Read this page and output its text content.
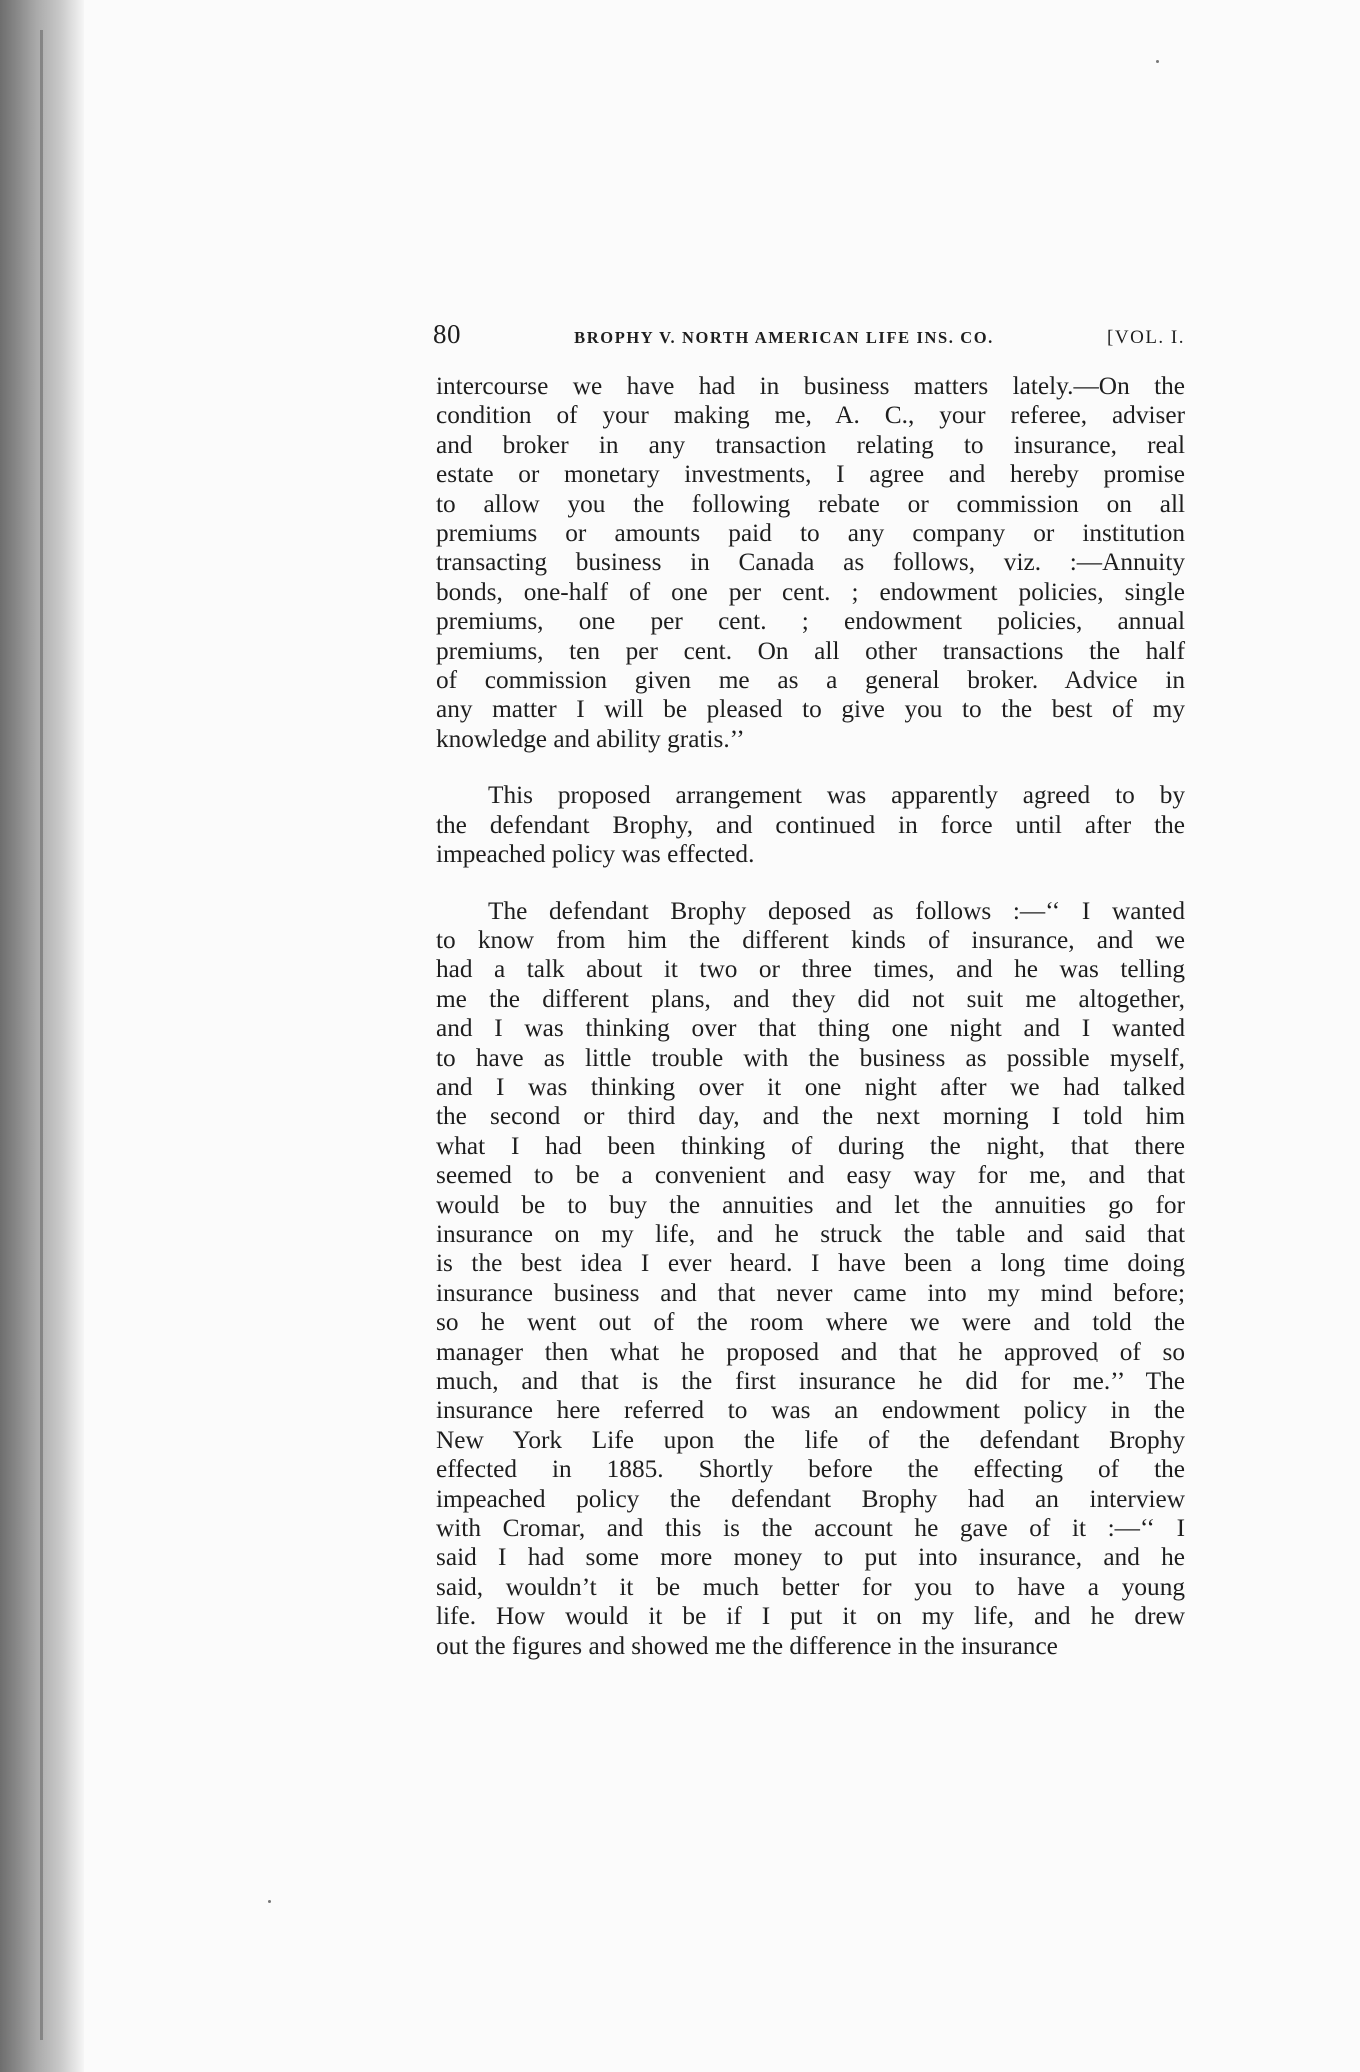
80	BROPHY V. NORTH AMERICAN LIFE INS. CO.	[VOL. I.
intercourse we have had in business matters lately.—On the
condition of your making me, A. C., your referee, adviser
and broker in any transaction relating to insurance, real
estate or monetary investments, I agree and hereby promise
to allow you the following rebate or commission on all
premiums or amounts paid to any company or institution
transacting business in Canada as follows, viz. :—Annuity
bonds, one-half of one per cent. ; endowment policies, single
premiums, one per cent. ; endowment policies, annual
premiums, ten per cent. On all other transactions the half
of commission given me as a general broker. Advice in
any matter I will be pleased to give you to the best of my
knowledge and ability gratis.’’
This proposed arrangement was apparently agreed to by
the defendant Brophy, and continued in force until after the
impeached policy was effected.
The defendant Brophy deposed as follows :—‘‘ I wanted
to know from him the different kinds of insurance, and we
had a talk about it two or three times, and he was telling
me the different plans, and they did not suit me altogether,
and I was thinking over that thing one night and I wanted
to have as little trouble with the business as possible myself,
and I was thinking over it one night after we had talked
the second or third day, and the next morning I told him
what I had been thinking of during the night, that there
seemed to be a convenient and easy way for me, and that
would be to buy the annuities and let the annuities go for
insurance on my life, and he struck the table and said that
is the best idea I ever heard. I have been a long time doing
insurance business and that never came into my mind before;
so he went out of the room where we were and told the
manager then what he proposed and that he approved of so
much, and that is the first insurance he did for me.’’ The
insurance here referred to was an endowment policy in the
New York Life upon the life of the defendant Brophy
effected in 1885. Shortly before the effecting of the
impeached policy the defendant Brophy had an interview
with Cromar, and this is the account he gave of it :—‘‘ I
said I had some more money to put into insurance, and he
said, wouldn’t it be much better for you to have a young
life. How would it be if I put it on my life, and he drew
out the figures and showed me the difference in the insurance
